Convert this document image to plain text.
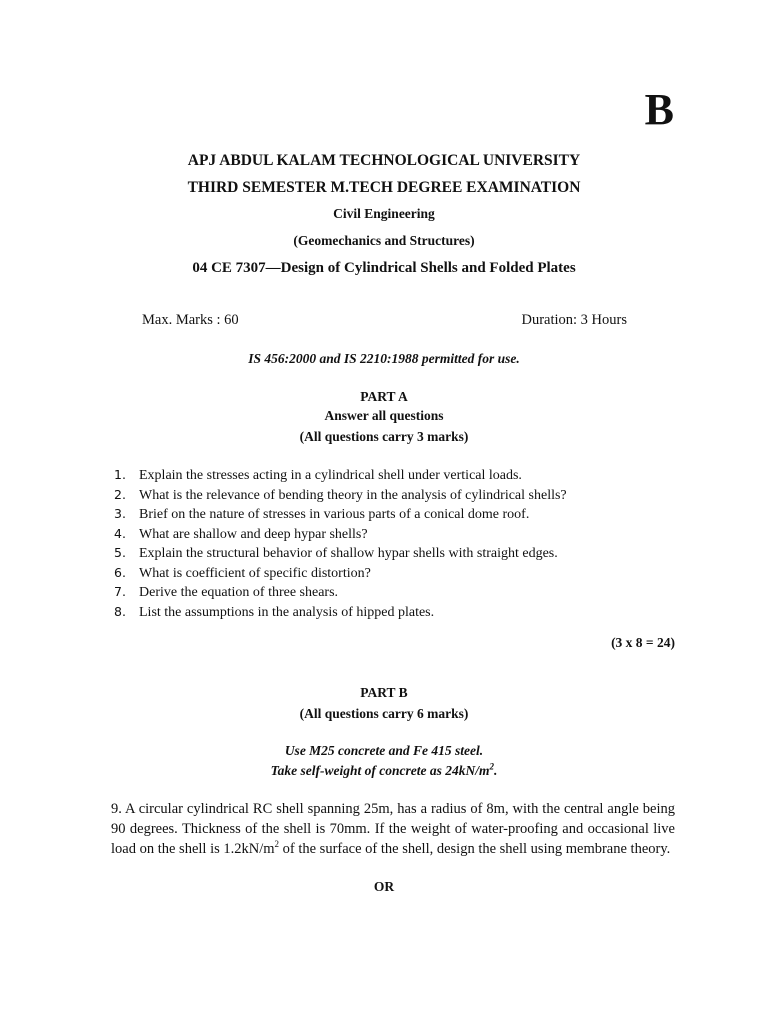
B
APJ ABDUL KALAM TECHNOLOGICAL UNIVERSITY
THIRD SEMESTER M.TECH DEGREE EXAMINATION
Civil Engineering
(Geomechanics and Structures)
04 CE 7307—Design of Cylindrical Shells and Folded Plates
Max. Marks : 60	Duration: 3 Hours
IS 456:2000 and IS 2210:1988 permitted for use.
PART A
Answer all questions
(All questions carry 3 marks)
1. Explain the stresses acting in a cylindrical shell under vertical loads.
2. What is the relevance of bending theory in the analysis of cylindrical shells?
3. Brief on the nature of stresses in various parts of a conical dome roof.
4. What are shallow and deep hypar shells?
5. Explain the structural behavior of shallow hypar shells with straight edges.
6. What is coefficient of specific distortion?
7. Derive the equation of three shears.
8. List the assumptions in the analysis of hipped plates.
(3 x 8 = 24)
PART B
(All questions carry 6 marks)
Use M25 concrete and Fe 415 steel.
Take self-weight of concrete as $24kN/m^2$.
9. A circular cylindrical RC shell spanning 25m, has a radius of 8m, with the central angle being 90 degrees. Thickness of the shell is 70mm. If the weight of water-proofing and occasional live load on the shell is $1.2kN/m^2$ of the surface of the shell, design the shell using membrane theory.
OR
